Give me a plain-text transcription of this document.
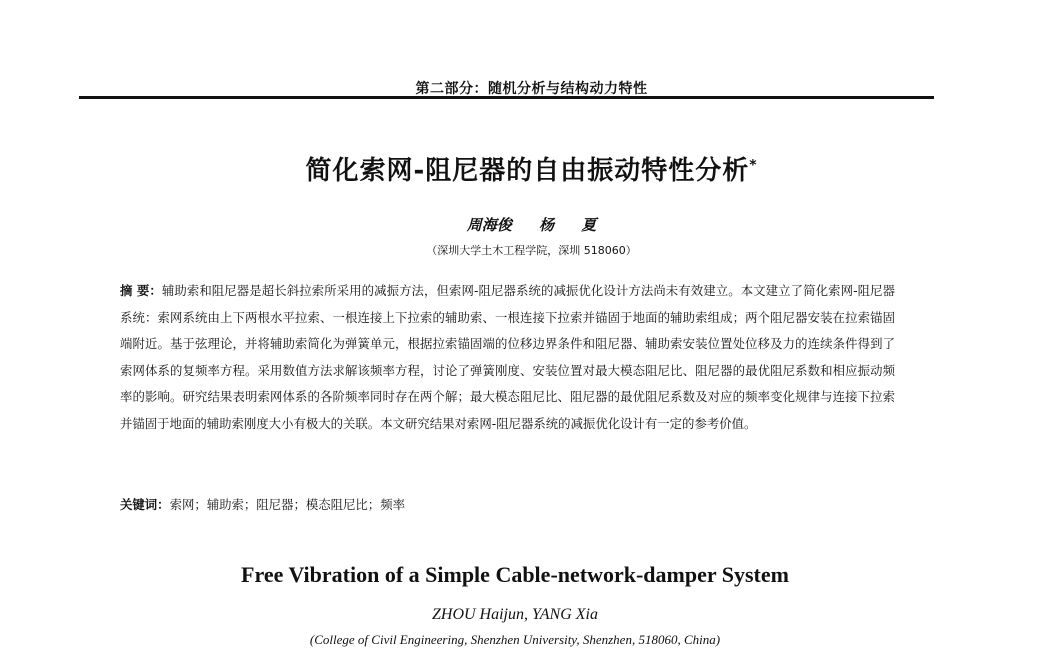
第二部分：随机分析与结构动力特性
简化索网-阻尼器的自由振动特性分析*
周海俊 杨 夏
（深圳大学土木工程学院，深圳 518060）
摘 要：辅助索和阻尼器是超长斜拉索所采用的减振方法，但索网-阻尼器系统的减振优化设计方法尚未有效建立。本文建立了简化索网-阻尼器系统：索网系统由上下两根水平拉索、一根连接上下拉索的辅助索、一根连接下拉索并锚固于地面的辅助索组成；两个阻尼器安装在拉索锚固端附近。基于弦理论，并将辅助索简化为弹簧单元，根据拉索锚固端的位移边界条件和阻尼器、辅助索安装位置处位移及力的连续条件得到了索网体系的复频率方程。采用数值方法求解该频率方程，讨论了弹簧刚度、安装位置对最大模态阻尼比、阻尼器的最优阻尼系数和相应振动频率的影响。研究结果表明索网体系的各阶频率同时存在两个解；最大模态阻尼比、阻尼器的最优阻尼系数及对应的频率变化规律与连接下拉索并锚固于地面的辅助索刚度大小有极大的关联。本文研究结果对索网-阻尼器系统的减振优化设计有一定的参考价值。
关键词：索网；辅助索；阻尼器；模态阻尼比；频率
Free Vibration of a Simple Cable-network-damper System
ZHOU Haijun, YANG Xia
(College of Civil Engineering, Shenzhen University, Shenzhen, 518060, China)
